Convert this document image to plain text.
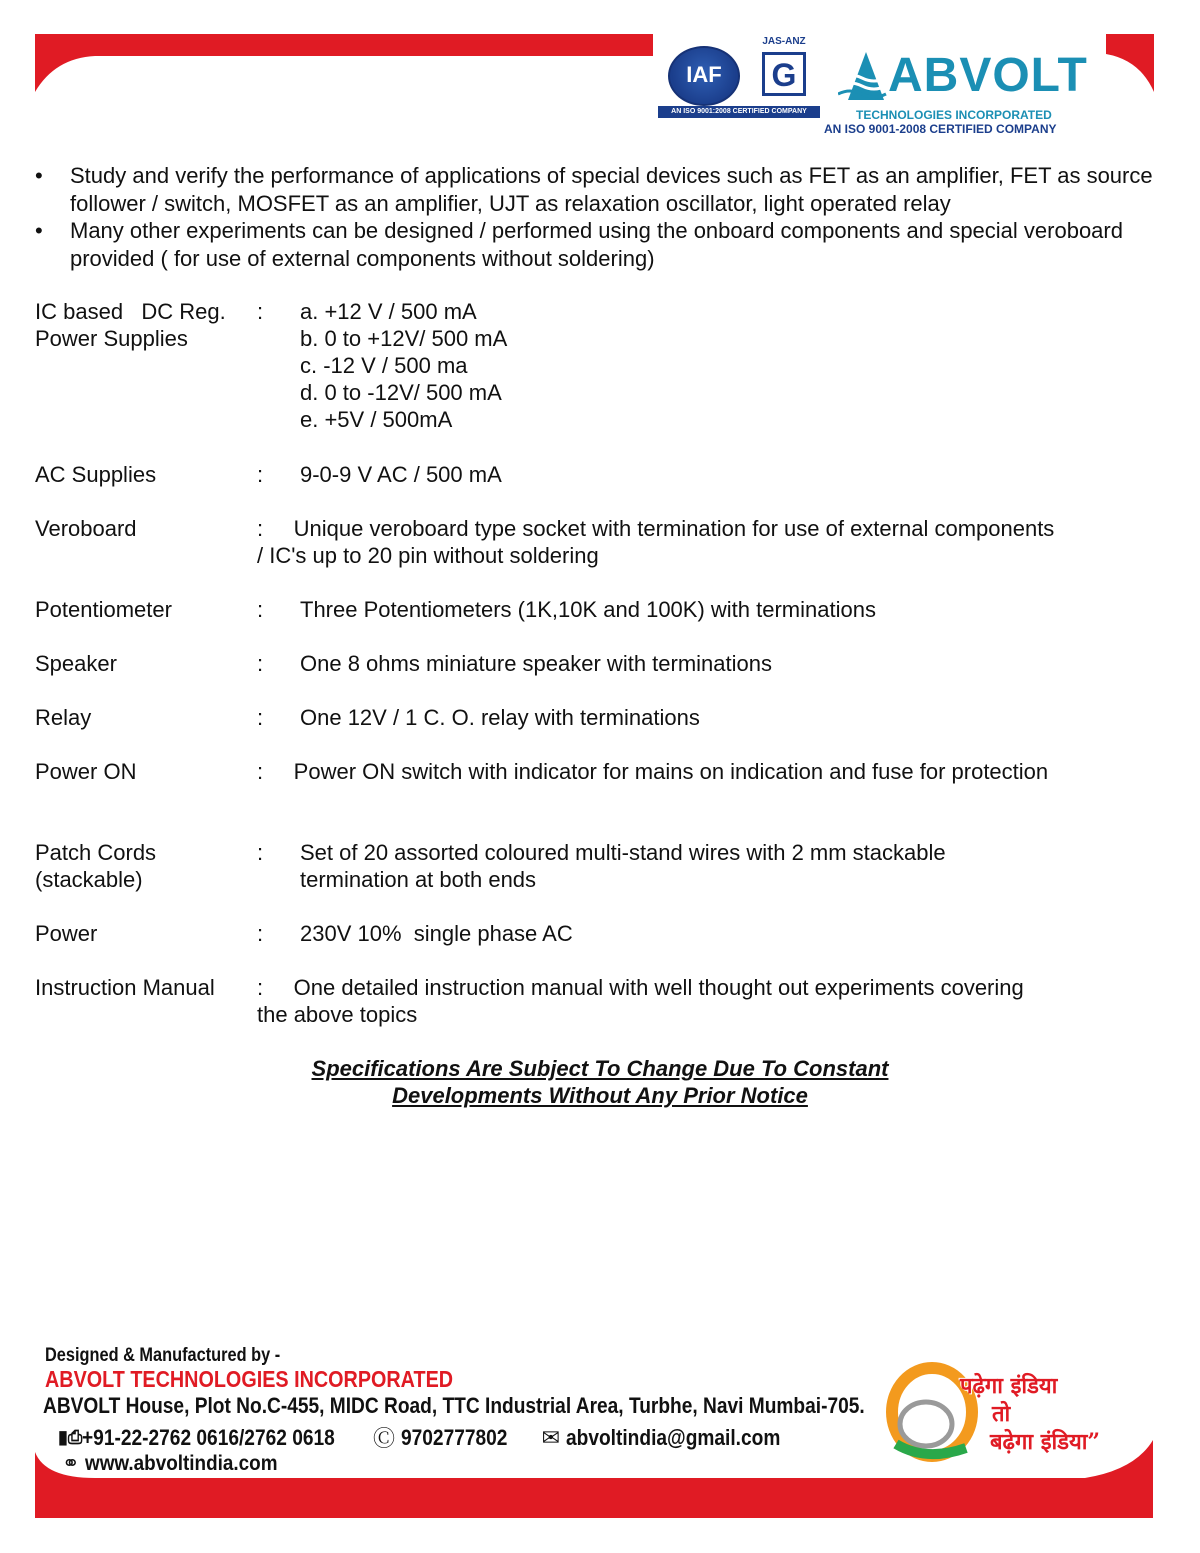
IAF
AN ISO 9001:2008 CERTIFIED COMPANY
JAS-ANZ
G ABVOLT
TECHNOLOGIES INCORPORATED
AN ISO 9001-2008 CERTIFIED COMPANY
• Study and verify the performance of applications of special devices such as FET as an amplifier, FET as source follower / switch, MOSFET as an amplifier, UJT as relaxation oscillator, light operated relay
• Many other experiments can be designed / performed using the onboard components and special veroboard provided ( for use of external components without soldering)
IC based   DC Reg.
Power Supplies
: a. +12 V / 500 mA
b. 0 to +12V/ 500 mA
c. -12 V / 500 ma
d. 0 to -12V/ 500 mA
e. +5V / 500mA
AC Supplies	: 9-0-9 V AC / 500 mA
Veroboard	:     Unique veroboard type socket with termination for use of external components / IC's up to 20 pin without soldering
Potentiometer	: Three Potentiometers (1K,10K and 100K) with terminations
Speaker	: One 8 ohms miniature speaker with terminations
Relay	: One 12V / 1 C. O. relay with terminations
Power ON	:     Power ON switch with indicator for mains on indication and fuse for protection
Patch Cords
(stackable)
: Set of 20 assorted coloured multi-stand wires with 2 mm stackable
termination at both ends
Power	: 230V 10%  single phase AC
Instruction Manual	:     One detailed instruction manual with well thought out experiments covering the above topics
Specifications Are Subject To Change Due To Constant
Developments Without Any Prior Notice
Designed & Manufactured by -
ABVOLT TECHNOLOGIES INCORPORATED
ABVOLT House, Plot No.C-455, MIDC Road, TTC Industrial Area, Turbhe, Navi Mumbai-705.
▮⎙+91-22-2762 0616/2762 0618 Ⓒ 9702777802 ✉ abvoltindia@gmail.com
⚭ www.abvoltindia.com
पढ़ेगा इंडिया
तो
बढ़ेगा इंडिया”
